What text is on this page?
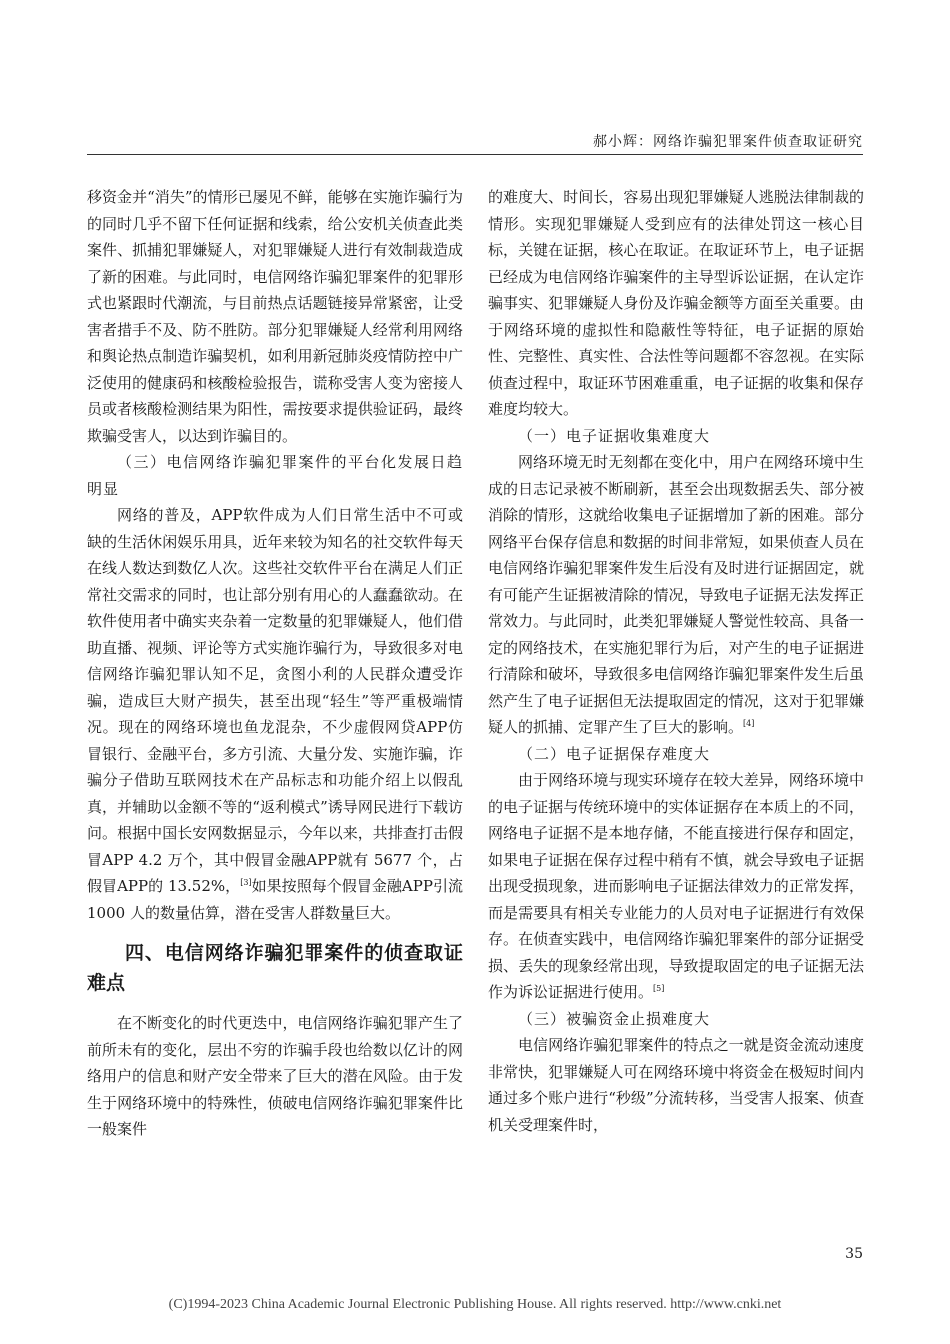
郝小辉：网络诈骗犯罪案件侦查取证研究

移资金并“消失”的情形已屡见不鲜，能够在实施诈骗行为的同时几乎不留下任何证据和线索，给公安机关侦查此类案件、抓捕犯罪嫌疑人，对犯罪嫌疑人进行有效制裁造成了新的困难。与此同时，电信网络诈骗犯罪案件的犯罪形式也紧跟时代潮流，与目前热点话题链接异常紧密，让受害者措手不及、防不胜防。部分犯罪嫌疑人经常利用网络和舆论热点制造诈骗契机，如利用新冠肺炎疫情防控中广泛使用的健康码和核酸检验报告，谎称受害人变为密接人员或者核酸检测结果为阳性，需按要求提供验证码，最终欺骗受害人，以达到诈骗目的。

（三）电信网络诈骗犯罪案件的平台化发展日趋明显

网络的普及，APP软件成为人们日常生活中不可或缺的生活休闲娱乐用具，近年来较为知名的社交软件每天在线人数达到数亿人次。这些社交软件平台在满足人们正常社交需求的同时，也让部分别有用心的人蠢蠢欲动。在软件使用者中确实夹杂着一定数量的犯罪嫌疑人，他们借助直播、视频、评论等方式实施诈骗行为，导致很多对电信网络诈骗犯罪认知不足，贪图小利的人民群众遭受诈骗，造成巨大财产损失，甚至出现“轻生”等严重极端情况。现在的网络环境也鱼龙混杂，不少虚假网贷APP仿冒银行、金融平台，多方引流、大量分发、实施诈骗，诈骗分子借助互联网技术在产品标志和功能介绍上以假乱真，并辅助以金额不等的“返利模式”诱导网民进行下载访问。根据中国长安网数据显示，今年以来，共排查打击假冒APP 4.2 万个，其中假冒金融APP就有 5677 个，占假冒APP的 13.52%，[3]如果按照每个假冒金融APP引流 1000 人的数量估算，潜在受害人群数量巨大。

四、电信网络诈骗犯罪案件的侦查取证难点

在不断变化的时代更迭中，电信网络诈骗犯罪产生了前所未有的变化，层出不穷的诈骗手段也给数以亿计的网络用户的信息和财产安全带来了巨大的潜在风险。由于发生于网络环境中的特殊性，侦破电信网络诈骗犯罪案件比一般案件

的难度大、时间长，容易出现犯罪嫌疑人逃脱法律制裁的情形。实现犯罪嫌疑人受到应有的法律处罚这一核心目标，关键在证据，核心在取证。在取证环节上，电子证据已经成为电信网络诈骗案件的主导型诉讼证据，在认定诈骗事实、犯罪嫌疑人身份及诈骗金额等方面至关重要。由于网络环境的虚拟性和隐蔽性等特征，电子证据的原始性、完整性、真实性、合法性等问题都不容忽视。在实际侦查过程中，取证环节困难重重，电子证据的收集和保存难度均较大。

（一）电子证据收集难度大

网络环境无时无刻都在变化中，用户在网络环境中生成的日志记录被不断刷新，甚至会出现数据丢失、部分被消除的情形，这就给收集电子证据增加了新的困难。部分网络平台保存信息和数据的时间非常短，如果侦查人员在电信网络诈骗犯罪案件发生后没有及时进行证据固定，就有可能产生证据被清除的情况，导致电子证据无法发挥正常效力。与此同时，此类犯罪嫌疑人警觉性较高、具备一定的网络技术，在实施犯罪行为后，对产生的电子证据进行清除和破坏，导致很多电信网络诈骗犯罪案件发生后虽然产生了电子证据但无法提取固定的情况，这对于犯罪嫌疑人的抓捕、定罪产生了巨大的影响。[4]

（二）电子证据保存难度大

由于网络环境与现实环境存在较大差异，网络环境中的电子证据与传统环境中的实体证据存在本质上的不同，网络电子证据不是本地存储，不能直接进行保存和固定，如果电子证据在保存过程中稍有不慎，就会导致电子证据出现受损现象，进而影响电子证据法律效力的正常发挥，而是需要具有相关专业能力的人员对电子证据进行有效保存。在侦查实践中，电信网络诈骗犯罪案件的部分证据受损、丢失的现象经常出现，导致提取固定的电子证据无法作为诉讼证据进行使用。[5]

（三）被骗资金止损难度大

电信网络诈骗犯罪案件的特点之一就是资金流动速度非常快，犯罪嫌疑人可在网络环境中将资金在极短时间内通过多个账户进行“秒级”分流转移，当受害人报案、侦查机关受理案件时，

35
(C)1994-2023 China Academic Journal Electronic Publishing House. All rights reserved. http://www.cnki.net
